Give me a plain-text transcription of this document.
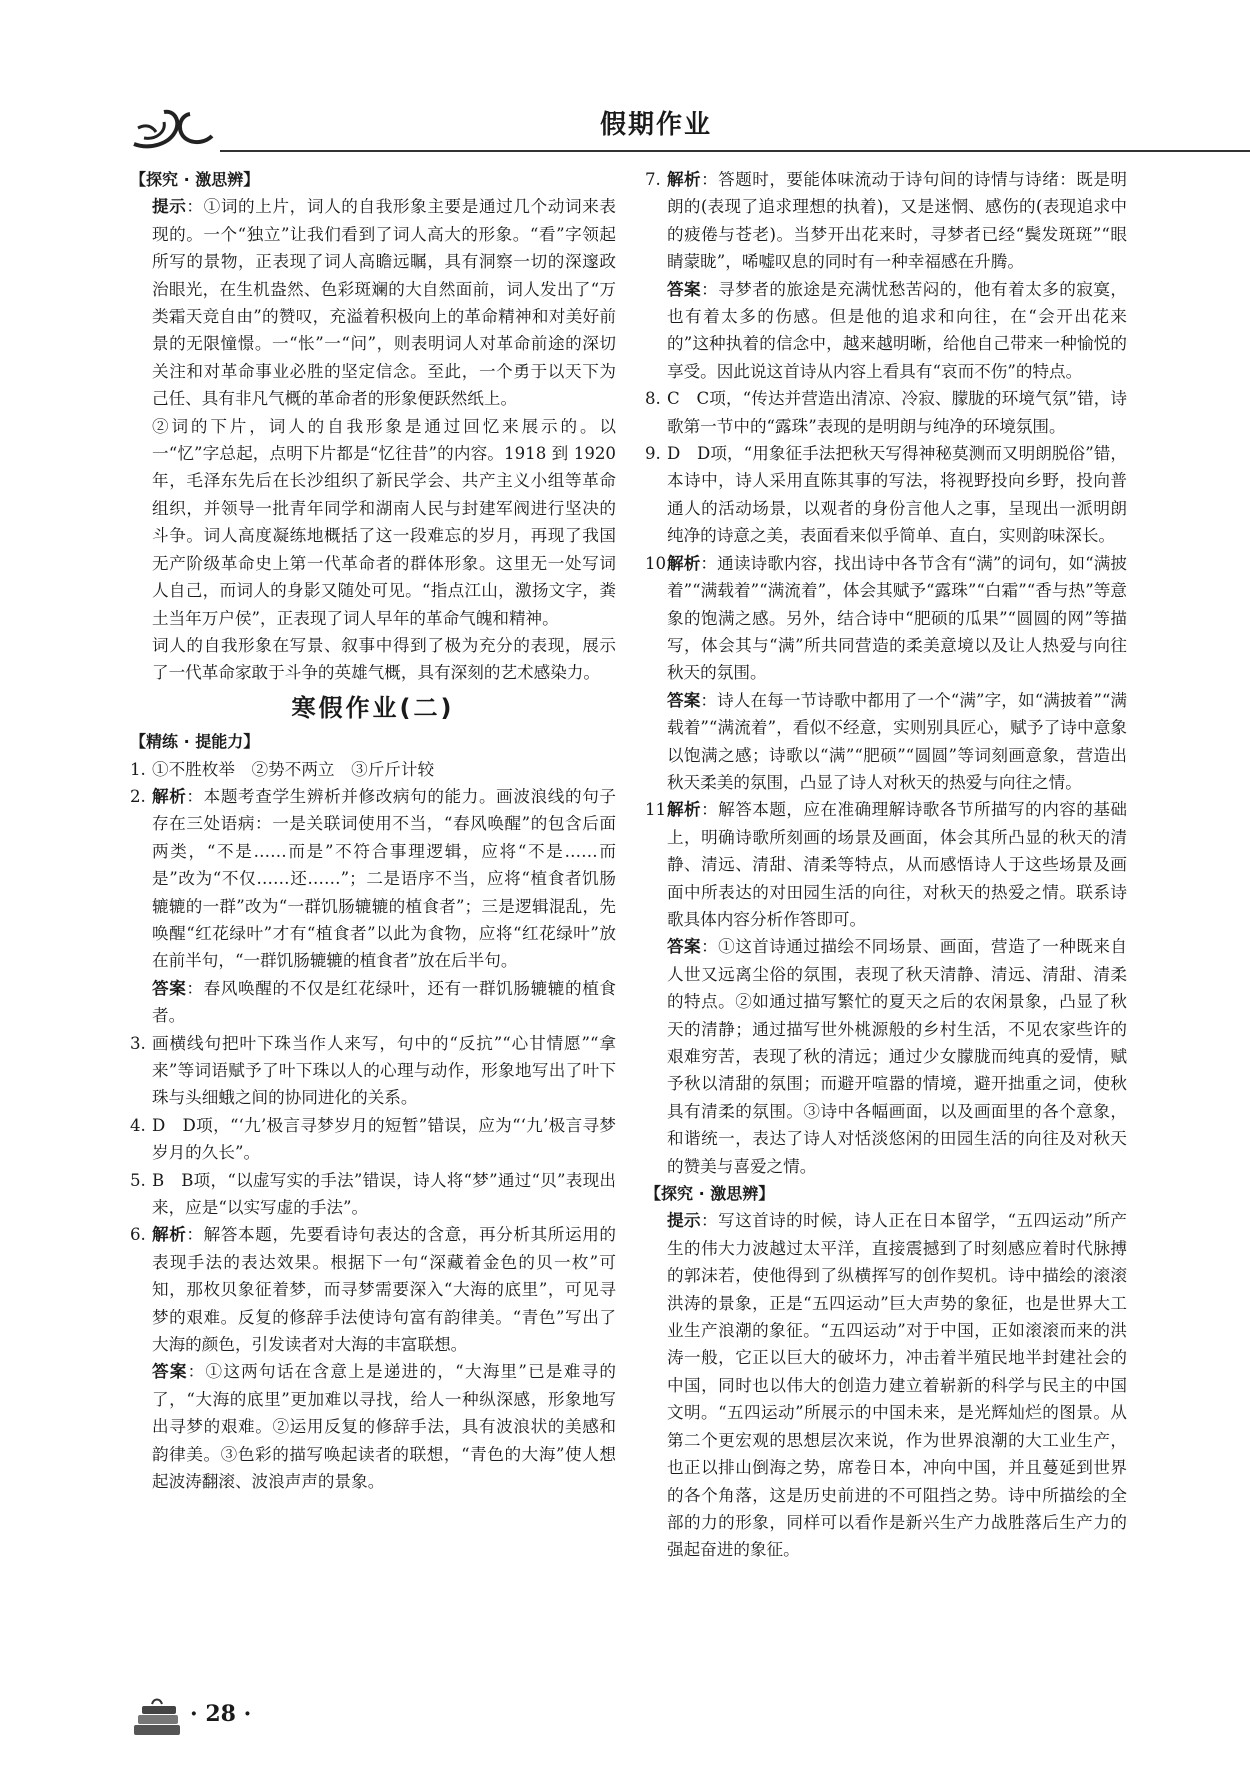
假期作业
【探究 · 激思辨】
提示：①词的上片，词人的自我形象主要是通过几个动词来表现的。一个“独立”让我们看到了词人高大的形象。“看”字领起所写的景物，正表现了词人高瞻远瞩，具有洞察一切的深邃政治眼光，在生机盎然、色彩斑斓的大自然面前，词人发出了“万类霜天竞自由”的赞叹，充溢着积极向上的革命精神和对美好前景的无限憧憬。一“怅”一“问”，则表明词人对革命前途的深切关注和对革命事业必胜的坚定信念。至此，一个勇于以天下为己任、具有非凡气概的革命者的形象便跃然纸上。
②词的下片，词人的自我形象是通过回忆来展示的。以一“忆”字总起，点明下片都是“忆往昔”的内容。1918 到 1920 年，毛泽东先后在长沙组织了新民学会、共产主义小组等革命组织，并领导一批青年同学和湖南人民与封建军阀进行坚决的斗争。词人高度凝练地概括了这一段难忘的岁月，再现了我国无产阶级革命史上第一代革命者的群体形象。这里无一处写词人自己，而词人的身影又随处可见。“指点江山，激扬文字，粪土当年万户侯”，正表现了词人早年的革命气魄和精神。
词人的自我形象在写景、叙事中得到了极为充分的表现，展示了一代革命家敢于斗争的英雄气概，具有深刻的艺术感染力。
寒假作业(二)
【精练 · 提能力】
1. ①不胜枚举　②势不两立　③斤斤计较
2. 解析：本题考查学生辨析并修改病句的能力。画波浪线的句子存在三处语病：一是关联词使用不当，“春风唤醒”的包含后面两类，“不是……而是”不符合事理逻辑，应将“不是……而是”改为“不仅……还……”；二是语序不当，应将“植食者饥肠辘辘的一群”改为“一群饥肠辘辘的植食者”；三是逻辑混乱，先唤醒“红花绿叶”才有“植食者”以此为食物，应将“红花绿叶”放在前半句，“一群饥肠辘辘的植食者”放在后半句。
答案：春风唤醒的不仅是红花绿叶，还有一群饥肠辘辘的植食者。
3. 画横线句把叶下珠当作人来写，句中的“反抗”“心甘情愿”“拿来”等词语赋予了叶下珠以人的心理与动作，形象地写出了叶下珠与头细蛾之间的协同进化的关系。
4. D　D项，“‘九’极言寻梦岁月的短暂”错误，应为“‘九’极言寻梦岁月的久长”。
5. B　B项，“以虚写实的手法”错误，诗人将“梦”通过“贝”表现出来，应是“以实写虚的手法”。
6. 解析：解答本题，先要看诗句表达的含意，再分析其所运用的表现手法的表达效果。根据下一句“深藏着金色的贝一枚”可知，那枚贝象征着梦，而寻梦需要深入“大海的底里”，可见寻梦的艰难。反复的修辞手法使诗句富有韵律美。“青色”写出了大海的颜色，引发读者对大海的丰富联想。
答案：①这两句话在含意上是递进的，“大海里”已是难寻的了，“大海的底里”更加难以寻找，给人一种纵深感，形象地写出寻梦的艰难。②运用反复的修辞手法，具有波浪状的美感和韵律美。③色彩的描写唤起读者的联想，“青色的大海”使人想起波涛翻滚、波浪声声的景象。
7. 解析：答题时，要能体味流动于诗句间的诗情与诗绪：既是明朗的(表现了追求理想的执着)，又是迷惘、感伤的(表现追求中的疲倦与苍老)。当梦开出花来时，寻梦者已经“鬓发斑斑”“眼睛蒙眬”，唏嘘叹息的同时有一种幸福感在升腾。
答案：寻梦者的旅途是充满忧愁苦闷的，他有着太多的寂寞，也有着太多的伤感。但是他的追求和向往，在“会开出花来的”这种执着的信念中，越来越明晰，给他自己带来一种愉悦的享受。因此说这首诗从内容上看具有“哀而不伤”的特点。
8. C　C项，“传达并营造出清凉、冷寂、朦胧的环境气氛”错，诗歌第一节中的“露珠”表现的是明朗与纯净的环境氛围。
9. D　D项，“用象征手法把秋天写得神秘莫测而又明朗脱俗”错，本诗中，诗人采用直陈其事的写法，将视野投向乡野，投向普通人的活动场景，以观者的身份言他人之事，呈现出一派明朗纯净的诗意之美，表面看来似乎简单、直白，实则韵味深长。
10.
解析：通读诗歌内容，找出诗中各节含有“满”的词句，如“满披着”“满载着”“满流着”，体会其赋予“露珠”“白霜”“香与热”等意象的饱满之感。另外，结合诗中“肥硕的瓜果”“圆圆的网”等描写，体会其与“满”所共同营造的柔美意境以及让人热爱与向往秋天的氛围。
答案：诗人在每一节诗歌中都用了一个“满”字，如“满披着”“满载着”“满流着”，看似不经意，实则别具匠心，赋予了诗中意象以饱满之感；诗歌以“满”“肥硕”“圆圆”等词刻画意象，营造出秋天柔美的氛围，凸显了诗人对秋天的热爱与向往之情。
11.
解析：解答本题，应在准确理解诗歌各节所描写的内容的基础上，明确诗歌所刻画的场景及画面，体会其所凸显的秋天的清静、清远、清甜、清柔等特点，从而感悟诗人于这些场景及画面中所表达的对田园生活的向往，对秋天的热爱之情。联系诗歌具体内容分析作答即可。
答案：①这首诗通过描绘不同场景、画面，营造了一种既来自人世又远离尘俗的氛围，表现了秋天清静、清远、清甜、清柔的特点。②如通过描写繁忙的夏天之后的农闲景象，凸显了秋天的清静；通过描写世外桃源般的乡村生活，不见农家些许的艰难穷苦，表现了秋的清远；通过少女朦胧而纯真的爱情，赋予秋以清甜的氛围；而避开喧嚣的情境，避开拙重之词，使秋具有清柔的氛围。③诗中各幅画面，以及画面里的各个意象，和谐统一，表达了诗人对恬淡悠闲的田园生活的向往及对秋天的赞美与喜爱之情。
【探究 · 激思辨】
提示：写这首诗的时候，诗人正在日本留学，“五四运动”所产生的伟大力波越过太平洋，直接震撼到了时刻感应着时代脉搏的郭沫若，使他得到了纵横挥写的创作契机。诗中描绘的滚滚洪涛的景象，正是“五四运动”巨大声势的象征，也是世界大工业生产浪潮的象征。“五四运动”对于中国，正如滚滚而来的洪涛一般，它正以巨大的破坏力，冲击着半殖民地半封建社会的中国，同时也以伟大的创造力建立着崭新的科学与民主的中国文明。“五四运动”所展示的中国未来，是光辉灿烂的图景。从第二个更宏观的思想层次来说，作为世界浪潮的大工业生产，也正以排山倒海之势，席卷日本，冲向中国，并且蔓延到世界的各个角落，这是历史前进的不可阻挡之势。诗中所描绘的全部的力的形象，同样可以看作是新兴生产力战胜落后生产力的强起奋进的象征。
· 28 ·
